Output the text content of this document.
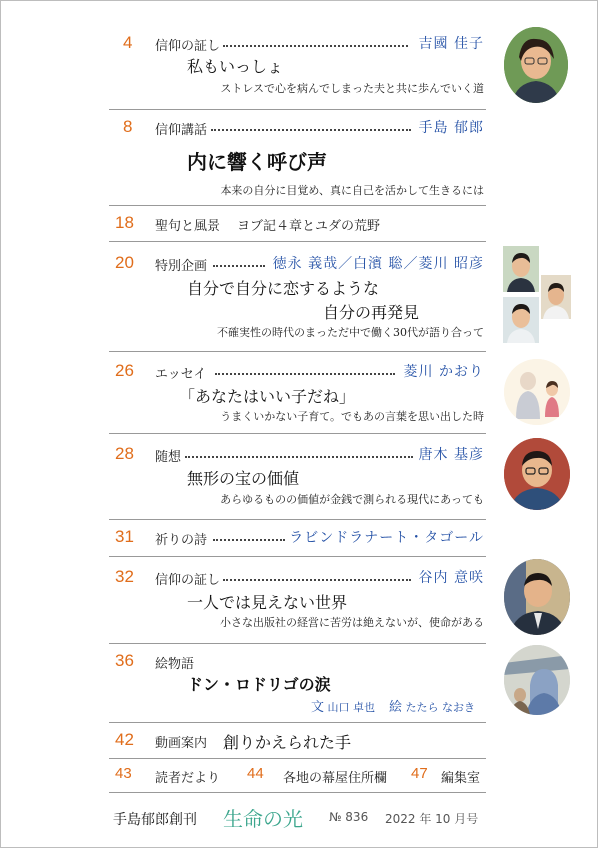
4	信仰の証し	吉國 佳子
私もいっしょ
ストレスで心を病んでしまった夫と共に歩んでいく道
8	信仰講話	手島 郁郎
内に響く呼び声
本来の自分に目覚め、真に自己を活かして生きるには
18	聖句と風景 ヨブ記４章とユダの荒野
20	特別企画	徳永 義哉／白濱 聡／菱川 昭彦
自分で自分に恋するような
自分の再発見
不確実性の時代のまっただ中で働く30代が語り合って
26	エッセイ	菱川 かおり
「あなたはいい子だね」
うまくいかない子育て。でもあの言葉を思い出した時
28	随想	唐木 基彦
無形の宝の価値
あらゆるものの価値が金銭で測られる現代にあっても
31	祈りの詩	ラビンドラナート・タゴール
32	信仰の証し	谷内 意咲
一人では見えない世界
小さな出版社の経営に苦労は絶えないが、使命がある
36	絵物語
ドン・ロドリゴの涙
文 山口 卓也 絵 たたら なおき
42	動画案内 創りかえられた手
43	読者だより 44	各地の幕屋住所欄 47	編集室
手島郁郎創刊 生命の光 № 836 2022 年 10 月号
